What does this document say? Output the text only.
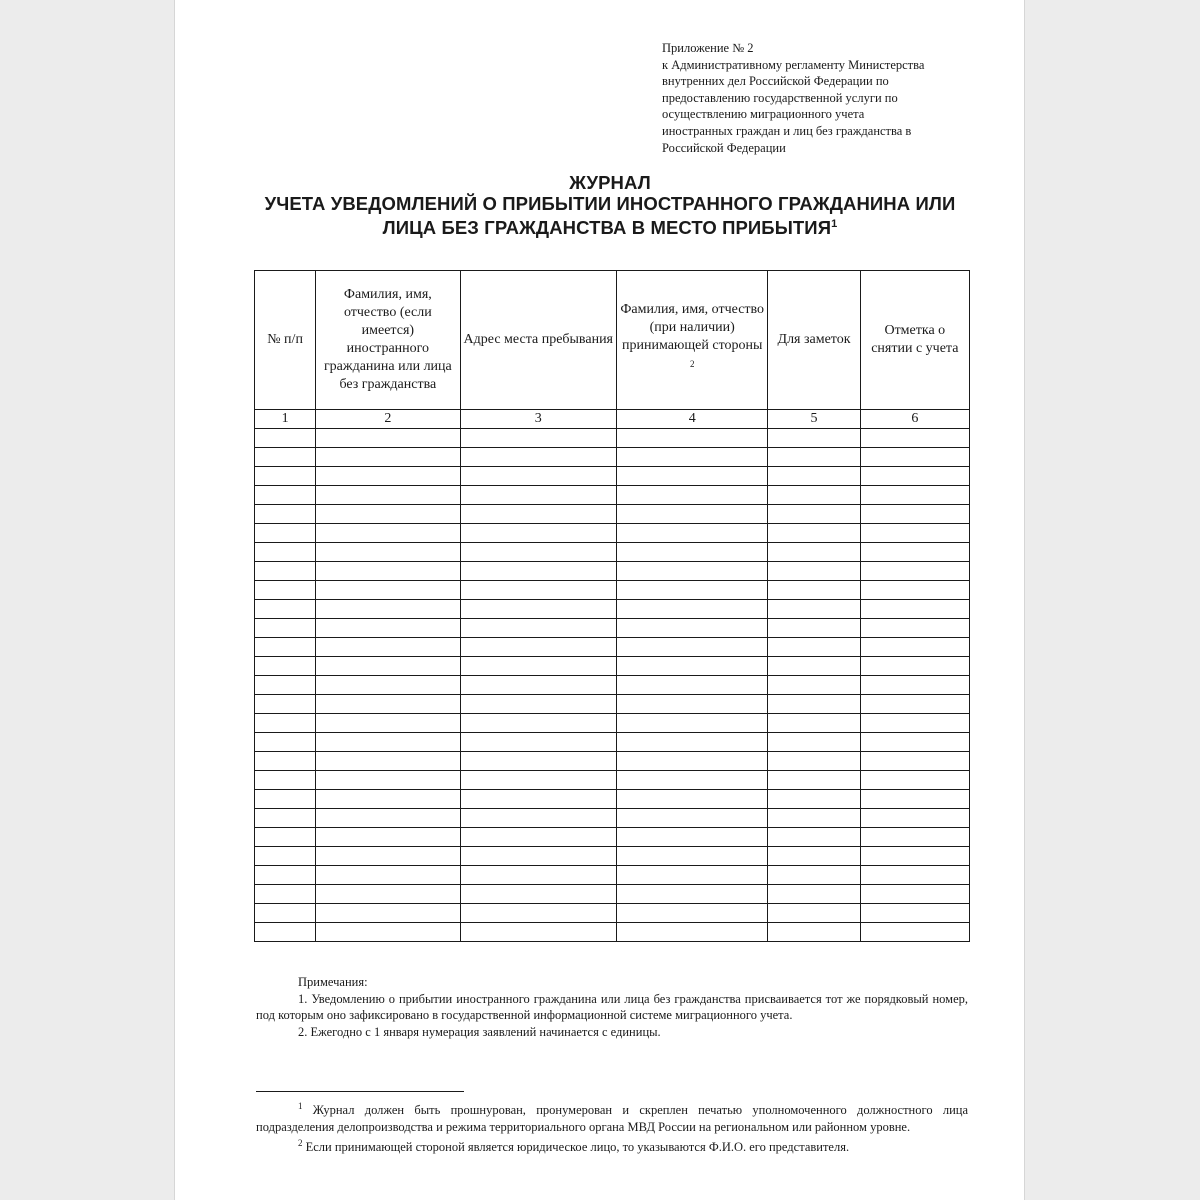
Приложение № 2
к Административному регламенту Министерства
внутренних дел Российской Федерации по
предоставлению государственной услуги по
осуществлению миграционного учета
иностранных граждан и лиц без гражданства в
Российской Федерации
ЖУРНАЛ
УЧЕТА УВЕДОМЛЕНИЙ О ПРИБЫТИИ ИНОСТРАННОГО ГРАЖДАНИНА ИЛИ
ЛИЦА БЕЗ ГРАЖДАНСТВА В МЕСТО ПРИБЫТИЯ$^1$
№ п/п	Фамилия, имя, отчество (если имеется) иностранного гражданина или лица без гражданства	Адрес места пребывания	Фамилия, имя, отчество (при наличии) принимающей стороны $^2$	Для заметок	Отметка о снятии с учета
1	2	3	4	5	6

Примечания:
1. Уведомлению о прибытии иностранного гражданина или лица без гражданства присваивается тот же порядковый номер, под которым оно зафиксировано в государственной информационной системе миграционного учета.
2. Ежегодно с 1 января нумерация заявлений начинается с единицы.
$^1$ Журнал должен быть прошнурован, пронумерован и скреплен печатью уполномоченного должностного лица подразделения делопроизводства и режима территориального органа МВД России на региональном или районном уровне.
$^2$ Если принимающей стороной является юридическое лицо, то указываются Ф.И.О. его представителя.
